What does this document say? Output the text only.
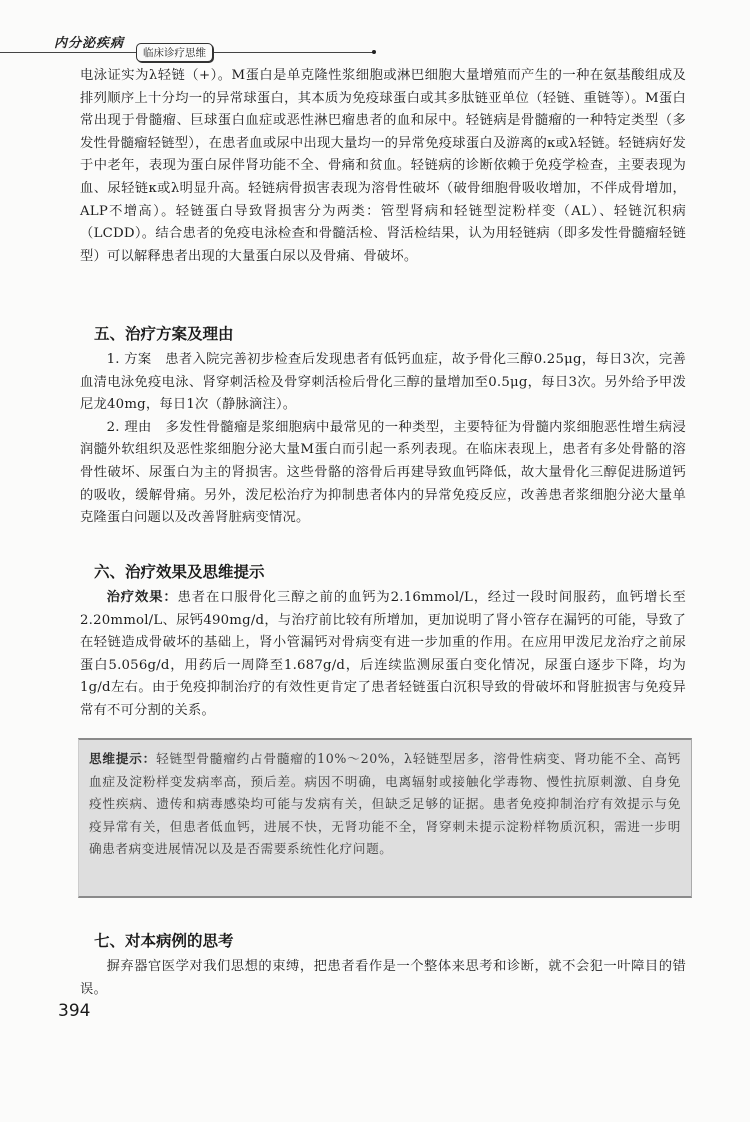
内分泌疾病
临床诊疗思维

电泳证实为λ轻链（+）。M蛋白是单克隆性浆细胞或淋巴细胞大量增殖而产生的一种在氨基酸组成及排列顺序上十分均一的异常球蛋白，其本质为免疫球蛋白或其多肽链亚单位（轻链、重链等）。M蛋白常出现于骨髓瘤、巨球蛋白血症或恶性淋巴瘤患者的血和尿中。轻链病是骨髓瘤的一种特定类型（多发性骨髓瘤轻链型），在患者血或尿中出现大量均一的异常免疫球蛋白及游离的κ或λ轻链。轻链病好发于中老年，表现为蛋白尿伴肾功能不全、骨痛和贫血。轻链病的诊断依赖于免疫学检查，主要表现为血、尿轻链κ或λ明显升高。轻链病骨损害表现为溶骨性破坏（破骨细胞骨吸收增加，不伴成骨增加，ALP不增高）。轻链蛋白导致肾损害分为两类：管型肾病和轻链型淀粉样变（AL）、轻链沉积病（LCDD）。结合患者的免疫电泳检查和骨髓活检、肾活检结果，认为用轻链病（即多发性骨髓瘤轻链型）可以解释患者出现的大量蛋白尿以及骨痛、骨破坏。

五、治疗方案及理由

1. 方案  患者入院完善初步检查后发现患者有低钙血症，故予骨化三醇0.25μg，每日3次，完善血清电泳免疫电泳、肾穿刺活检及骨穿刺活检后骨化三醇的量增加至0.5μg，每日3次。另外给予甲泼尼龙40mg，每日1次（静脉滴注）。

2. 理由  多发性骨髓瘤是浆细胞病中最常见的一种类型，主要特征为骨髓内浆细胞恶性增生病浸润髓外软组织及恶性浆细胞分泌大量M蛋白而引起一系列表现。在临床表现上，患者有多处骨骼的溶骨性破坏、尿蛋白为主的肾损害。这些骨骼的溶骨后再建导致血钙降低，故大量骨化三醇促进肠道钙的吸收，缓解骨痛。另外，泼尼松治疗为抑制患者体内的异常免疫反应，改善患者浆细胞分泌大量单克隆蛋白问题以及改善肾脏病变情况。

六、治疗效果及思维提示

治疗效果：患者在口服骨化三醇之前的血钙为2.16mmol/L，经过一段时间服药，血钙增长至2.20mmol/L、尿钙490mg/d，与治疗前比较有所增加，更加说明了肾小管存在漏钙的可能，导致了在轻链造成骨破坏的基础上，肾小管漏钙对骨病变有进一步加重的作用。在应用甲泼尼龙治疗之前尿蛋白5.056g/d，用药后一周降至1.687g/d，后连续监测尿蛋白变化情况，尿蛋白逐步下降，均为1g/d左右。由于免疫抑制治疗的有效性更肯定了患者轻链蛋白沉积导致的骨破坏和肾脏损害与免疫异常有不可分割的关系。

思维提示：轻链型骨髓瘤约占骨髓瘤的10%～20%，λ轻链型居多，溶骨性病变、肾功能不全、高钙血症及淀粉样变发病率高，预后差。病因不明确，电离辐射或接触化学毒物、慢性抗原刺激、自身免疫性疾病、遗传和病毒感染均可能与发病有关，但缺乏足够的证据。患者免疫抑制治疗有效提示与免疫异常有关，但患者低血钙，进展不快，无肾功能不全，肾穿刺未提示淀粉样物质沉积，需进一步明确患者病变进展情况以及是否需要系统性化疗问题。
七、对本病例的思考

摒弃器官医学对我们思想的束缚，把患者看作是一个整体来思考和诊断，就不会犯一叶障目的错误。

394
